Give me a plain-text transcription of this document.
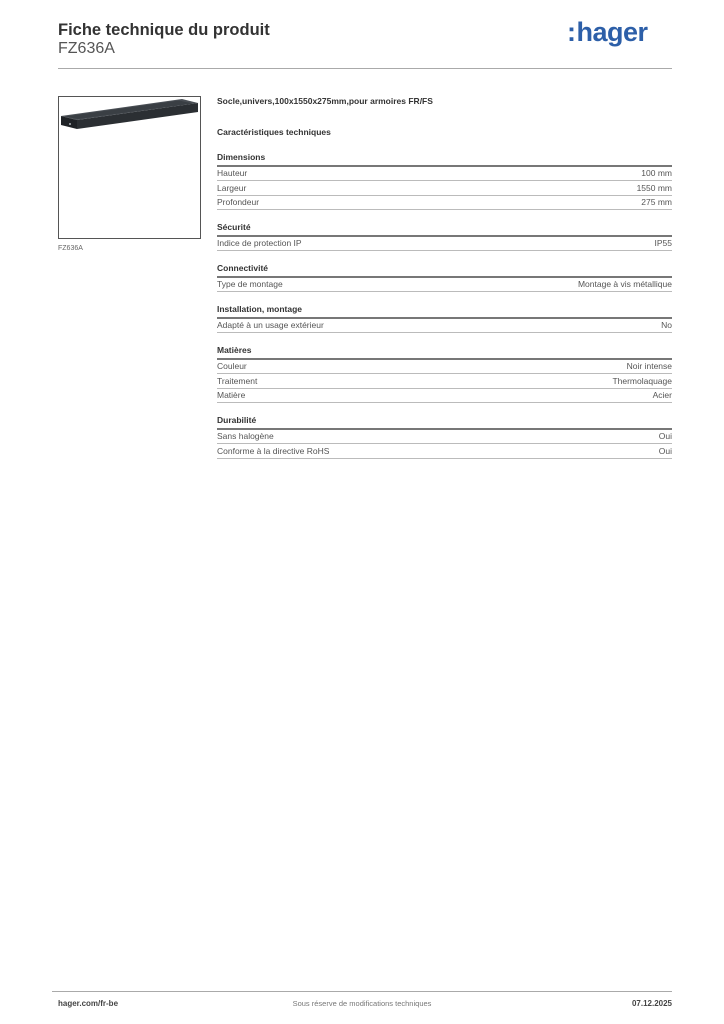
Fiche technique du produit
FZ636A
:hager
FZ636A
Socle,univers,100x1550x275mm,pour armoires FR/FS
Caractéristiques techniques
Dimensions
Hauteur	100 mm
Largeur	1550 mm
Profondeur	275 mm
Sécurité
Indice de protection IP	IP55
Connectivité
Type de montage	Montage à vis métallique
Installation, montage
Adapté à un usage extérieur	No
Matières
Couleur	Noir intense
Traitement	Thermolaquage
Matière	Acier
Durabilité
Sans halogène	Oui
Conforme à la directive RoHS	Oui
hager.com/fr-be	Sous réserve de modifications techniques	07.12.2025
